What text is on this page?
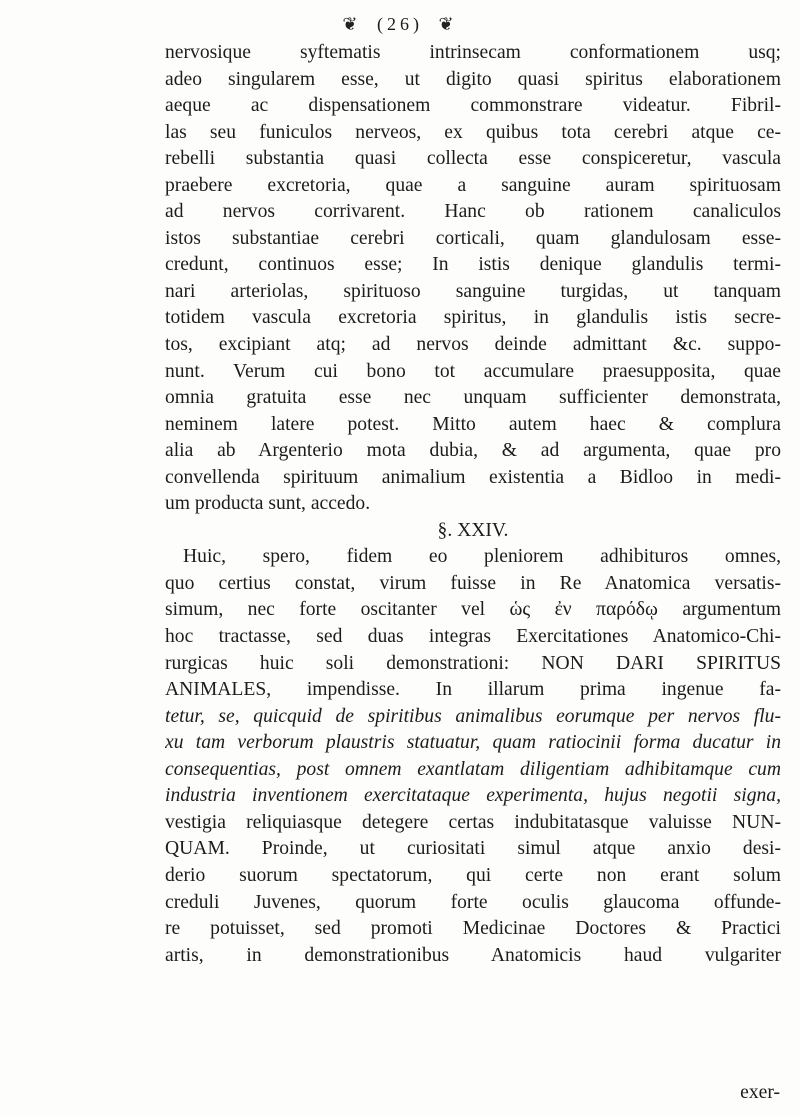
❦ (26) ❦
nervosique syftematis intrinsecam conformationem usq;
adeo singularem esse, ut digito quasi spiritus elaborationem
aeque ac dispensationem commonstrare videatur. Fibril-
las seu funiculos nerveos, ex quibus tota cerebri atque ce-
rebelli substantia quasi collecta esse conspiceretur, vascula
praebere excretoria, quae a sanguine auram spirituosam
ad nervos corrivarent. Hanc ob rationem canaliculos
istos substantiae cerebri corticali, quam glandulosam esse-
credunt, continuos esse; In istis denique glandulis termi-
nari arteriolas, spirituoso sanguine turgidas, ut tanquam
totidem vascula excretoria spiritus, in glandulis istis secre-
tos, excipiant atq; ad nervos deinde admittant &c. suppo-
nunt. Verum cui bono tot accumulare praesupposita, quae
omnia gratuita esse nec unquam sufficienter demonstrata,
neminem latere potest. Mitto autem haec & complura
alia ab Argenterio mota dubia, & ad argumenta, quae pro
convellenda spirituum animalium existentia a Bidloo in medi-
um producta sunt, accedo.
§. XXIV.
Huic, spero, fidem eo pleniorem adhibituros omnes,
quo certius constat, virum fuisse in Re Anatomica versatis-
simum, nec forte oscitanter vel ὡς ἐν παρόδῳ argumentum
hoc tractasse, sed duas integras Exercitationes Anatomico-Chi-
rurgicas huic soli demonstrationi: NON DARI SPIRITUS
ANIMALES, impendisse. In illarum prima ingenue fa-
tetur, se, quicquid de spiritibus animalibus eorumque per nervos flu-
xu tam verborum plaustris statuatur, quam ratiocinii forma ducatur in
consequentias, post omnem exantlatam diligentiam adhibitamque cum
industria inventionem exercitataque experimenta, hujus negotii signa,
vestigia reliquiasque detegere certas indubitatasque valuisse NUN-
QUAM. Proinde, ut curiositati simul atque anxio desi-
derio suorum spectatorum, qui certe non erant solum
creduli Juvenes, quorum forte oculis glaucoma offunde-
re potuisset, sed promoti Medicinae Doctores & Practici
artis, in demonstrationibus Anatomicis haud vulgariter
exer-
